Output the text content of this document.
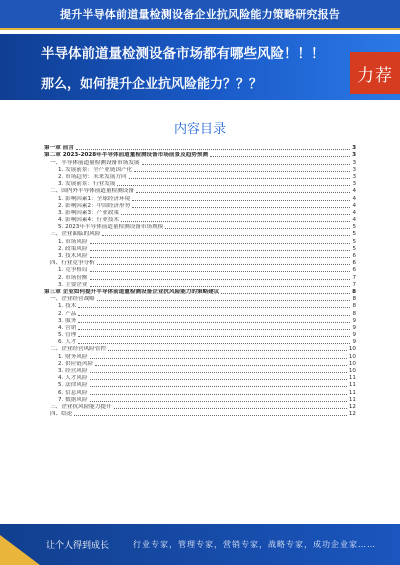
提升半导体前道量检测设备企业抗风险能力策略研究报告
半导体前道量检测设备市场都有哪些风险！！！
那么，如何提升企业抗风险能力？？？	力荐
内容目录
第一章 前言	3
第二章 2023-2028年半导体前道量检测设备市场前景及趋势预测	3
一、半导体前道量检测设备市场发展	3
1. 发展前景：全产业链国产化	3
2. 市场趋势：未来发展方向	3
3. 发展前景：行业发展	3
二、国内外半导体前道量检测设备	4
1. 影响因素1：全球经济环境	4
2. 影响因素2：中国经济形势	4
3. 影响因素3：产业政策	4
4. 影响因素4：行业技术	4
5. 2023年半导体前道量检测设备市场规模	5
三、企业面临的风险	5
1. 市场风险	5
2. 政策风险	5
3. 技术风险	6
四、行业竞争分析	6
1. 竞争格局	6
2. 市场份额	7
3. 主要企业	7
第三章 企业如何提升半导体前道量检测设备企业抗风险能力的策略建议	8
一、企业经营战略	8
1. 技术	8
2. 产品	8
3. 服务	9
4. 营销	9
5. 管理	9
6. 人才	9
二、企业经营风险管控	10
1. 财务风险	10
2. 供应链风险	10
3. 经营风险	10
4. 人才风险	11
5. 法律风险	11
6. 信息风险	11
7. 数据风险	11
三、企业抗风险能力提升	12
四、结论	12
让个人得到成长	行业专家，管理专家，营销专家，战略专家，成功企业家……
